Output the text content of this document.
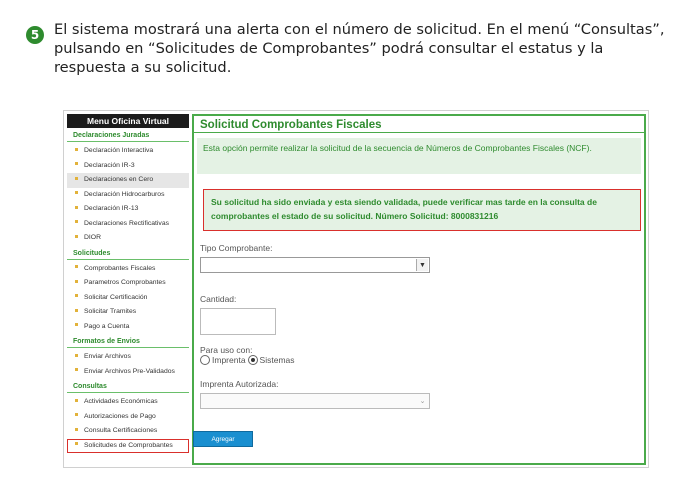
5	El sistema mostrará una alerta con el número de solicitud. En el menú “Consultas”, pulsando en “Solicitudes de Comprobantes” podrá consultar el estatus y la respuesta a su solicitud.
Menu Oficina Virtual
Declaraciones Juradas
Declaración Interactiva
Declaración IR-3
Declaraciones en Cero
Declaración Hidrocarburos
Declaración IR-13
Declaraciones Rectificativas
DIOR
Solicitudes
Comprobantes Fiscales
Parametros Comprobantes
Solicitar Certificación
Solicitar Tramites
Pago a Cuenta
Formatos de Envios
Enviar Archivos
Enviar Archivos Pre-Validados
Consultas
Actividades Económicas
Autorizaciones de Pago
Consulta Certificaciones
Solicitudes de Comprobantes
Solicitud Comprobantes Fiscales
Esta opción permite realizar la solicitud de la secuencia de Números de Comprobantes Fiscales (NCF).
Su solicitud ha sido enviada y esta siendo validada, puede verificar mas tarde en la consulta de comprobantes el estado de su solicitud. Número Solicitud: 8000831216
Tipo Comprobante:
▼
Cantidad:
Para uso con:
Imprenta Sistemas
Imprenta Autorizada:
⌄
Agregar
